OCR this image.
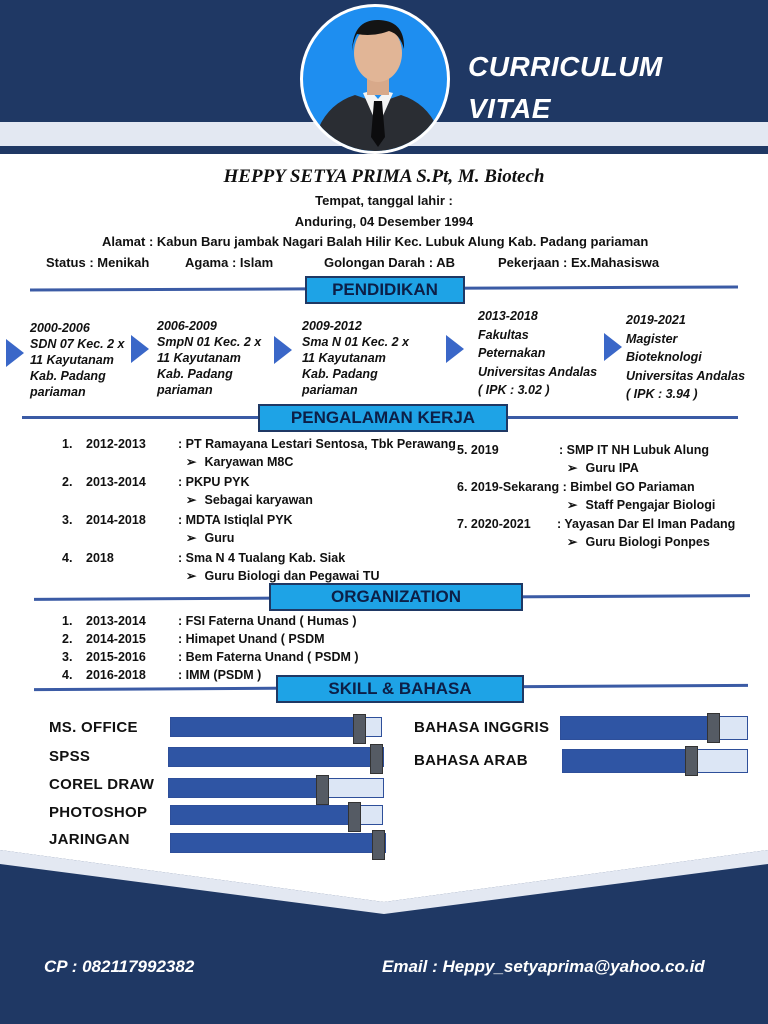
CURRICULUM
VITAE
HEPPY SETYA PRIMA S.Pt, M. Biotech
Tempat, tanggal lahir :
Anduring, 04 Desember 1994
Alamat : Kabun Baru jambak Nagari Balah Hilir Kec. Lubuk Alung Kab. Padang pariaman
Status : Menikah	Agama : Islam	Golongan Darah : AB	Pekerjaan : Ex.Mahasiswa
PENDIDIKAN
2000-2006
SDN 07 Kec. 2 x
11 Kayutanam
Kab. Padang
pariaman
2006-2009
SmpN 01 Kec. 2 x
11 Kayutanam
Kab. Padang
pariaman
2009-2012
Sma N 01 Kec. 2 x
11 Kayutanam
Kab. Padang
pariaman
2013-2018
Fakultas
Peternakan
Universitas Andalas
( IPK : 3.02 )
2019-2021
Magister
Bioteknologi
Universitas Andalas
( IPK : 3.94 )
PENGALAMAN KERJA
1. 2012-2013	: PT Ramayana Lestari Sentosa, Tbk Perawang
➢ Karyawan M8C
2. 2013-2014	: PKPU PYK
➢ Sebagai karyawan
3. 2014-2018	: MDTA Istiqlal PYK
➢ Guru
4. 2018	: Sma N 4 Tualang Kab. Siak
➢ Guru Biologi dan Pegawai TU
5. 2019	: SMP IT NH Lubuk Alung
➢ Guru IPA
6. 2019-Sekarang : Bimbel GO Pariaman
➢ Staff Pengajar Biologi
7. 2020-2021 : Yayasan Dar El Iman Padang
➢ Guru Biologi Ponpes
ORGANIZATION
1. 2013-2014	: FSI Faterna Unand ( Humas )
2. 2014-2015	: Himapet Unand ( PSDM
3. 2015-2016	: Bem Faterna Unand ( PSDM )
4. 2016-2018	: IMM (PSDM )
SKILL & BAHASA
MS. OFFICE
SPSS
COREL DRAW
PHOTOSHOP
JARINGAN
BAHASA INGGRIS
BAHASA ARAB
CP : 082117992382	Email : Heppy_setyaprima@yahoo.co.id
